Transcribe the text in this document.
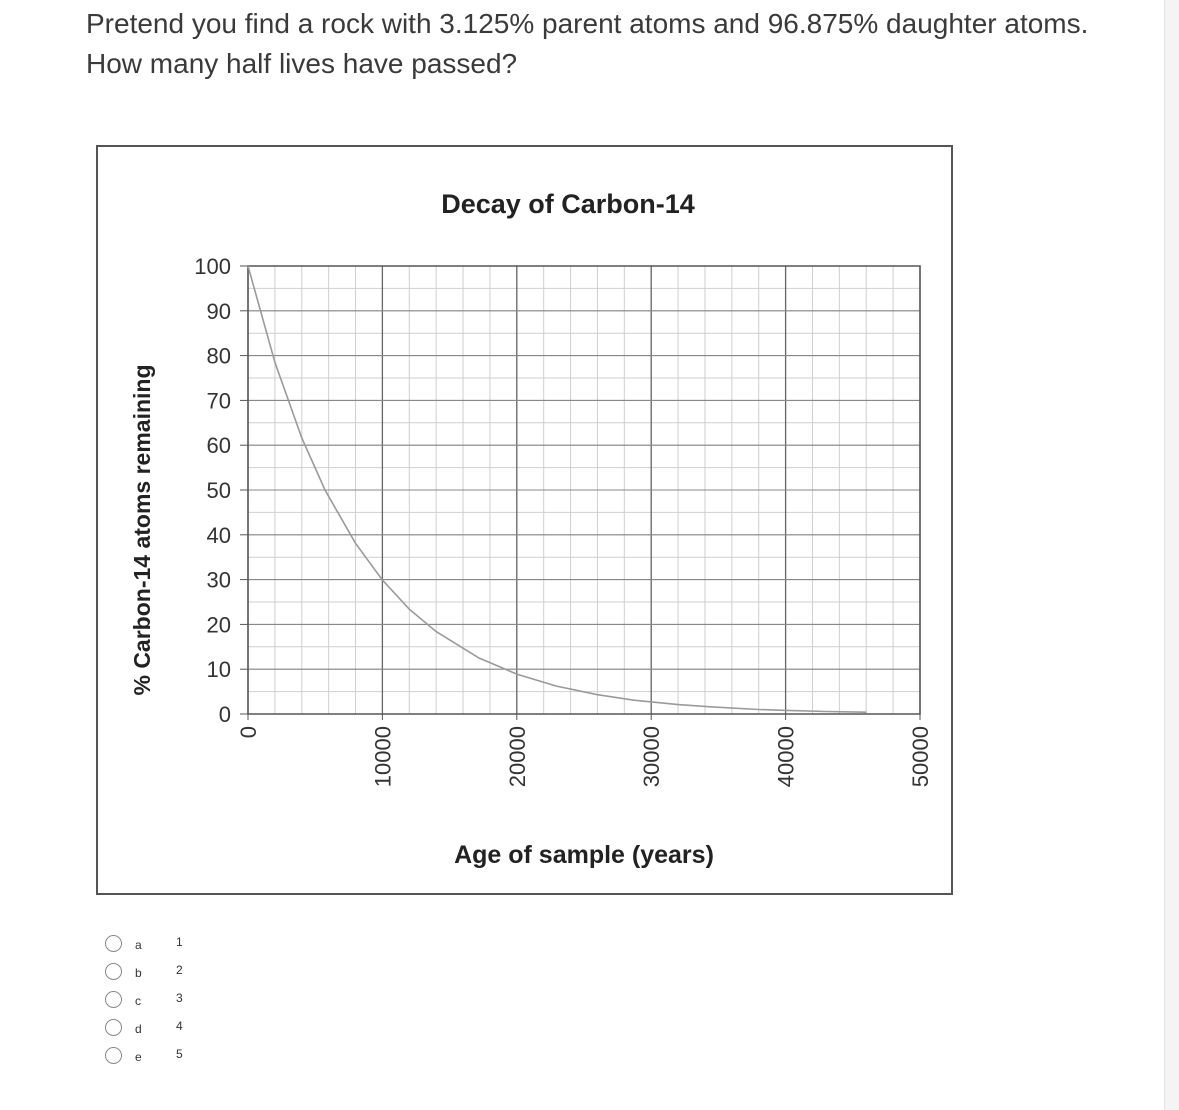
Pretend you find a rock with 3.125% parent atoms and 96.875% daughter atoms. How many half lives have passed?

Decay of Carbon-14
% Carbon-14 atoms remaining
Age of sample (years)
0
10
20
30
40
50
60
70
80
90
100
0	10000	20000	30000	40000	50000
a	1
b	2
c	3
d	4
e	5
